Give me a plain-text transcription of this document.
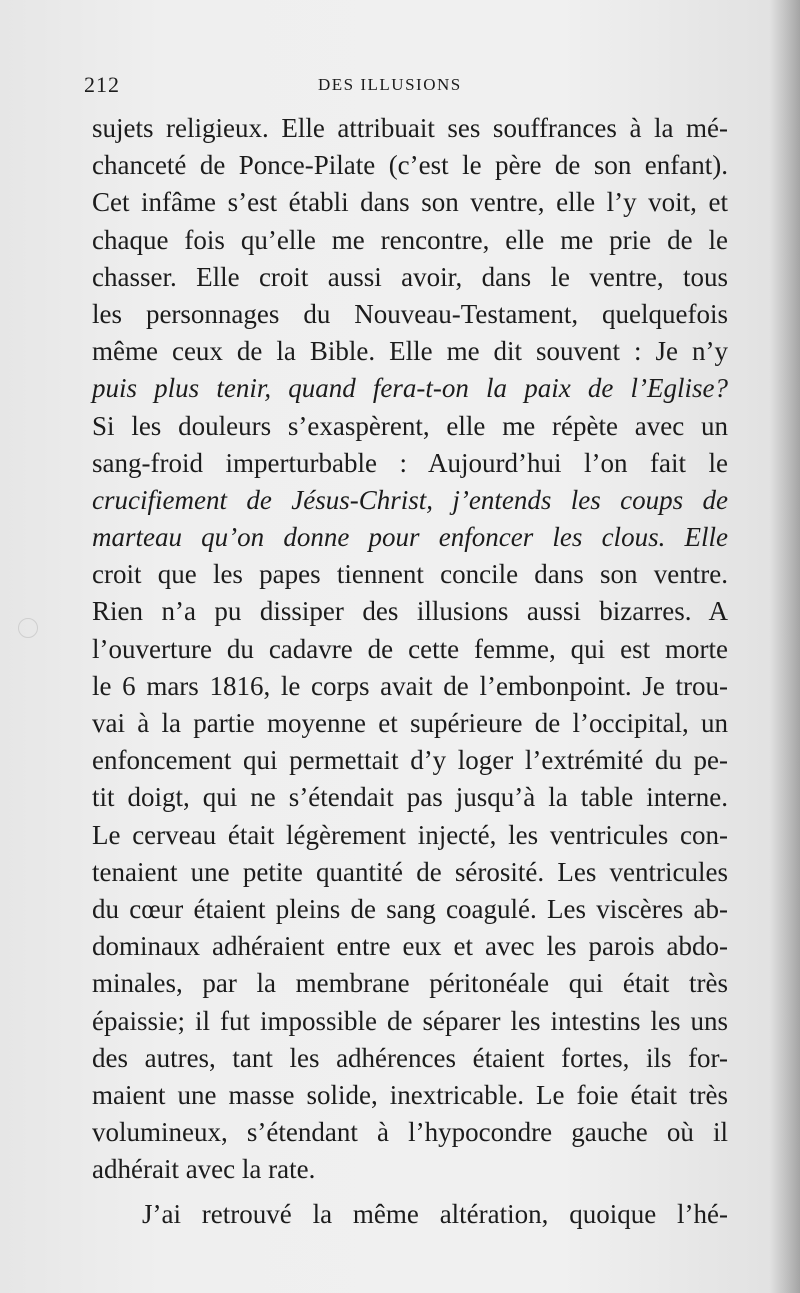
212	DES ILLUSIONS
sujets religieux. Elle attribuait ses souffrances à la mé-
chanceté de Ponce-Pilate (c’est le père de son enfant).
Cet infâme s’est établi dans son ventre, elle l’y voit, et
chaque fois qu’elle me rencontre, elle me prie de le
chasser. Elle croit aussi avoir, dans le ventre, tous
les personnages du Nouveau-Testament, quelquefois
même ceux de la Bible. Elle me dit souvent : Je n’y
puis plus tenir, quand fera-t-on la paix de l’Eglise?
Si les douleurs s’exaspèrent, elle me répète avec un
sang-froid imperturbable : Aujourd’hui l’on fait le
crucifiement de Jésus-Christ, j’entends les coups de
marteau qu’on donne pour enfoncer les clous. Elle
croit que les papes tiennent concile dans son ventre.
Rien n’a pu dissiper des illusions aussi bizarres. A
l’ouverture du cadavre de cette femme, qui est morte
le 6 mars 1816, le corps avait de l’embonpoint. Je trou-
vai à la partie moyenne et supérieure de l’occipital, un
enfoncement qui permettait d’y loger l’extrémité du pe-
tit doigt, qui ne s’étendait pas jusqu’à la table interne.
Le cerveau était légèrement injecté, les ventricules con-
tenaient une petite quantité de sérosité. Les ventricules
du cœur étaient pleins de sang coagulé. Les viscères ab-
dominaux adhéraient entre eux et avec les parois abdo-
minales, par la membrane péritonéale qui était très
épaissie; il fut impossible de séparer les intestins les uns
des autres, tant les adhérences étaient fortes, ils for-
maient une masse solide, inextricable. Le foie était très
volumineux, s’étendant à l’hypocondre gauche où il
adhérait avec la rate.
J’ai retrouvé la même altération, quoique l’hé-
